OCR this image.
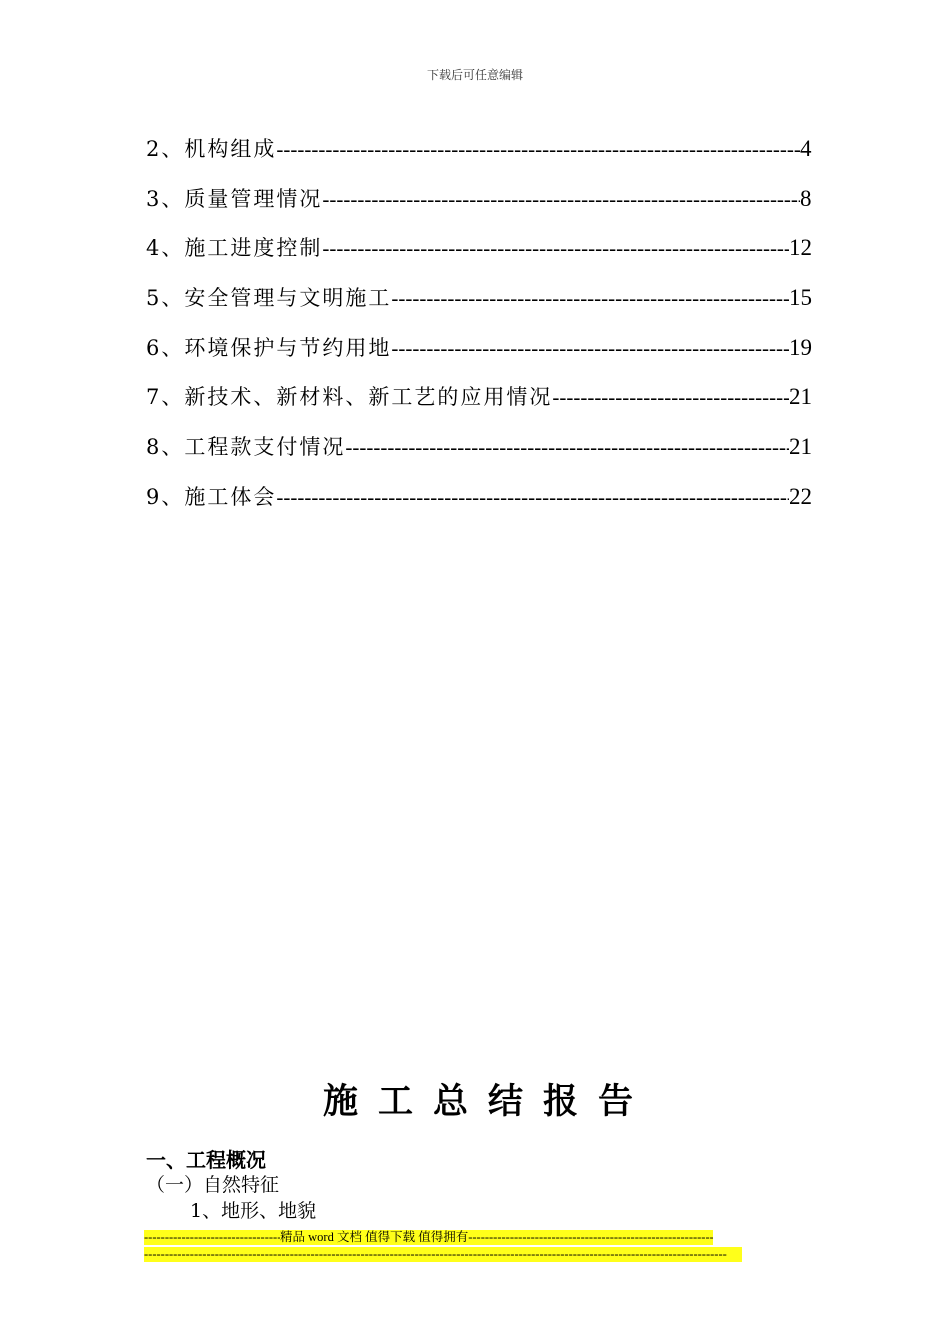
下载后可任意编辑
2、机构组成 -----	4
3、质量管理情况 -----	8
4、施工进度控制 -----	12
5、安全管理与文明施工 -----	15
6、环境保护与节约用地 -----	19
7、新技术、新材料、新工艺的应用情况 -----	21
8、工程款支付情况 -----	21
9、施工体会 -----	22
施工总结报告
一、工程概况
（一）自然特征
1、地形、地貌
-----
精品 word 文档 值得下载 值得拥有
-----
-----
